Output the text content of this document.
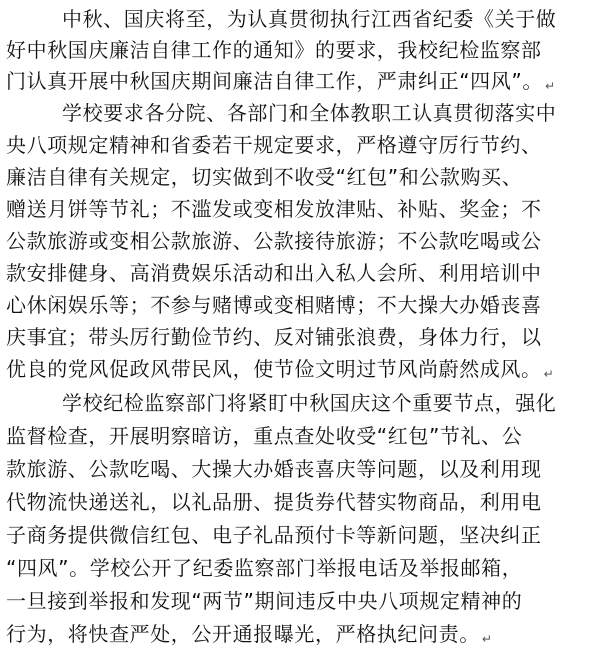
中秋、国庆将至，为认真贯彻执行江西省纪委《关于做
好中秋国庆廉洁自律工作的通知》的要求，我校纪检监察部
门认真开展中秋国庆期间廉洁自律工作，严肃纠正“四风”。 ↵
学校要求各分院、各部门和全体教职工认真贯彻落实中
央八项规定精神和省委若干规定要求，严格遵守厉行节约、
廉洁自律有关规定，切实做到不收受“红包”和公款购买、
赠送月饼等节礼；不滥发或变相发放津贴、补贴、奖金；不
公款旅游或变相公款旅游、公款接待旅游；不公款吃喝或公
款安排健身、高消费娱乐活动和出入私人会所、利用培训中
心休闲娱乐等；不参与赌博或变相赌博；不大操大办婚丧喜
庆事宜；带头厉行勤俭节约、反对铺张浪费，身体力行，以
优良的党风促政风带民风，使节俭文明过节风尚蔚然成风。 ↵
学校纪检监察部门将紧盯中秋国庆这个重要节点，强化
监督检查，开展明察暗访，重点查处收受“红包”节礼、公
款旅游、公款吃喝、大操大办婚丧喜庆等问题，以及利用现
代物流快递送礼，以礼品册、提货券代替实物商品，利用电
子商务提供微信红包、电子礼品预付卡等新问题，坚决纠正
“四风”。学校公开了纪委监察部门举报电话及举报邮箱，
一旦接到举报和发现“两节”期间违反中央八项规定精神的
行为，将快查严处，公开通报曝光，严格执纪问责。 ↵
